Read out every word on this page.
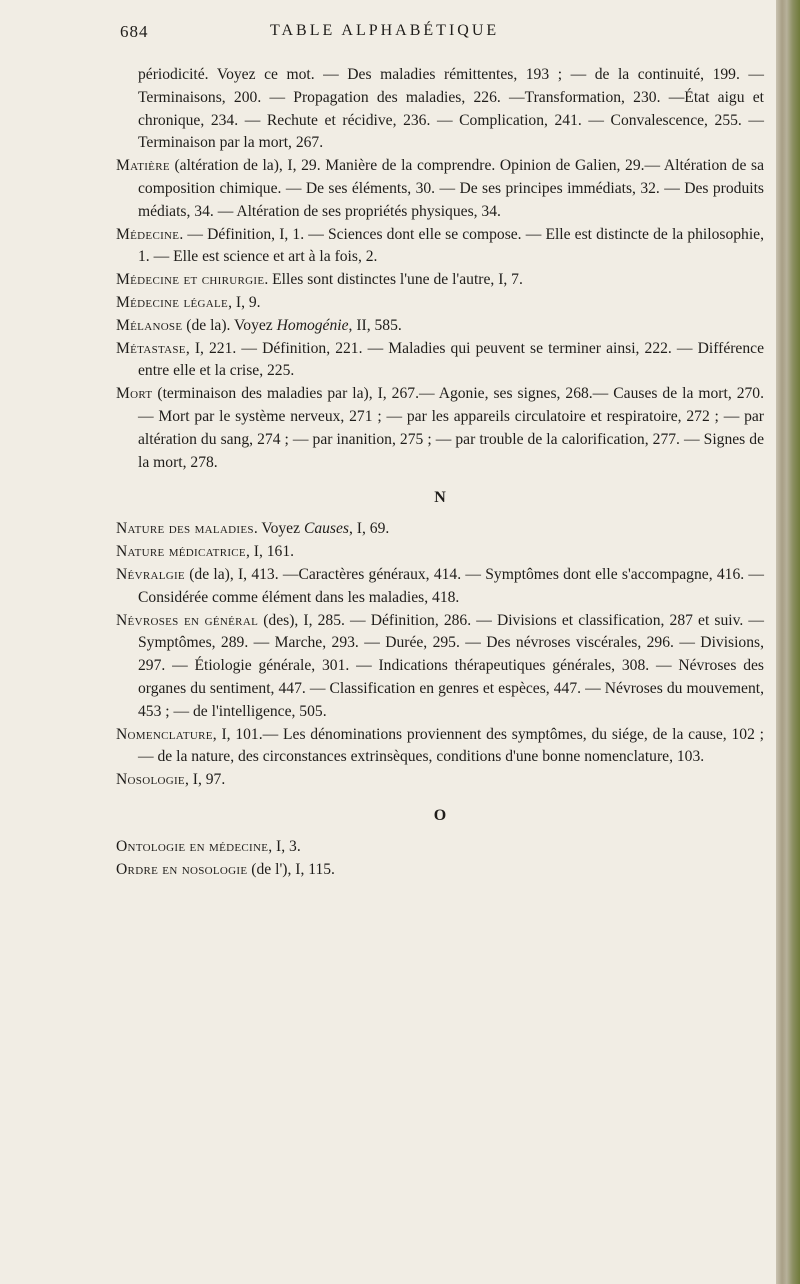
684	TABLE ALPHABÉTIQUE

périodicité. Voyez ce mot. — Des maladies rémittentes, 193 ; — de la continuité, 199. — Terminaisons, 200. — Propagation des maladies, 226. —Transformation, 230. —État aigu et chronique, 234. — Rechute et récidive, 236. — Complication, 241. — Convalescence, 255. — Terminaison par la mort, 267.

Matière (altération de la), I, 29. Manière de la comprendre. Opinion de Galien, 29.— Altération de sa composition chimique. — De ses éléments, 30. — De ses principes immédiats, 32. — Des produits médiats, 34. — Altération de ses propriétés physiques, 34.

Médecine. — Définition, I, 1. — Sciences dont elle se compose. — Elle est distincte de la philosophie, 1. — Elle est science et art à la fois, 2.

Médecine et chirurgie. Elles sont distinctes l'une de l'autre, I, 7.

Médecine légale, I, 9.

Mélanose (de la). Voyez Homogénie, II, 585.

Métastase, I, 221. — Définition, 221. — Maladies qui peuvent se terminer ainsi, 222. — Différence entre elle et la crise, 225.

Mort (terminaison des maladies par la), I, 267.— Agonie, ses signes, 268.— Causes de la mort, 270. — Mort par le système nerveux, 271 ; — par les appareils circulatoire et respiratoire, 272 ; — par altération du sang, 274 ; — par inanition, 275 ; — par trouble de la calorification, 277. — Signes de la mort, 278.

N

Nature des maladies. Voyez Causes, I, 69.

Nature médicatrice, I, 161.

Névralgie (de la), I, 413. —Caractères généraux, 414. — Symptômes dont elle s'accompagne, 416. — Considérée comme élément dans les maladies, 418.

Névroses en général (des), I, 285. — Définition, 286. — Divisions et classification, 287 et suiv. — Symptômes, 289. — Marche, 293. — Durée, 295. — Des névroses viscérales, 296. — Divisions, 297. — Étiologie générale, 301. — Indications thérapeutiques générales, 308. — Névroses des organes du sentiment, 447. — Classification en genres et espèces, 447. — Névroses du mouvement, 453 ; — de l'intelligence, 505.

Nomenclature, I, 101.— Les dénominations proviennent des symptômes, du siége, de la cause, 102 ; — de la nature, des circonstances extrinsèques, conditions d'une bonne nomenclature, 103.

Nosologie, I, 97.

O

Ontologie en médecine, I, 3.

Ordre en nosologie (de l'), I, 115.
